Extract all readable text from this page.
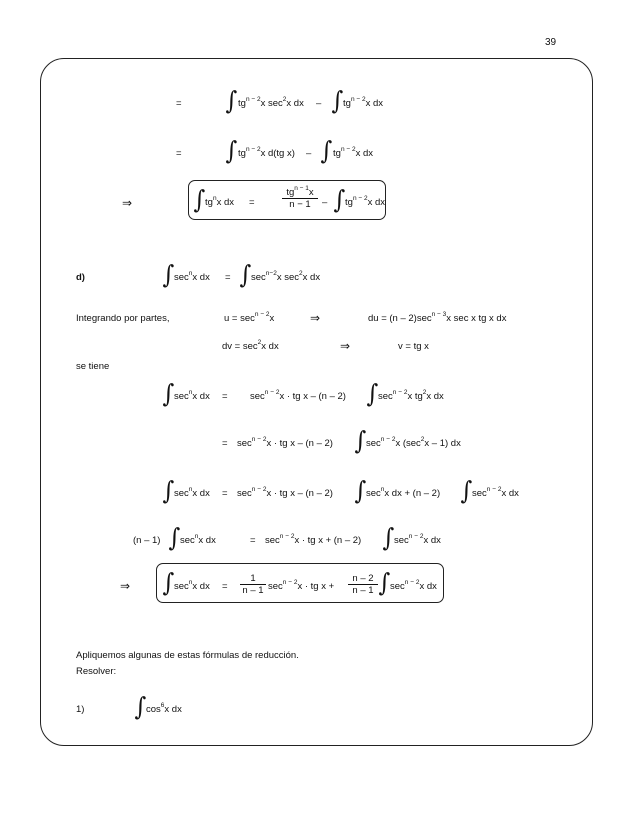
39
= ∫ $tg^{n - 2}x$ $\sec^2x$ dx – ∫ $tg^{n - 2}x$ dx
= ∫ $tg^{n - 2}x$ d(tg x) – ∫ $tg^{n - 2}x$ dx
⇒ ∫ $tg^nx$ dx =
$tg^{n - 1}x$
n − 1	– ∫ $tg^{n - 2}x$ dx
d)	∫ $\sec^nx$ dx = ∫ $\sec^{n-2}x$ $\sec^2x$ dx
Integrando por partes,	$u = \sec^{n - 2}x$	⇒	du = $(n - 2)\sec^{n - 3}x$ sec x tg x dx
dv = $\sec^2x$ dx	⇒	v = tg x
se tiene
∫ $\sec^nx$ dx = $\sec^{n - 2}x$ · tg x – (n – 2) ∫ $\sec^{n - 2}x$ $tg^2x$ dx
= $\sec^{n - 2}x$ · tg x – (n – 2) ∫ $\sec^{n - 2}x$ $(\sec^2x - 1)$ dx
∫ $\sec^nx$ dx = $\sec^{n - 2}x$ · tg x – (n – 2) ∫ $\sec^nx$ dx + (n – 2) ∫ $\sec^{n - 2}x$ dx
(n – 1) ∫ $\sec^nx$ dx	= $\sec^{n - 2}x$ · tg x + (n – 2) ∫ $\sec^{n - 2}x$ dx
⇒ ∫ $\sec^nx$ dx = $\frac{1}{n - 1} \sec^{n - 2}x$ · tg $x + \frac{n - 2}{n - 1}$ ∫ $\sec^{n - 2}x$ dx
Apliquemos algunas de estas fórmulas de reducción.
Resolver:
1) ∫ $\cos^6x$ dx
